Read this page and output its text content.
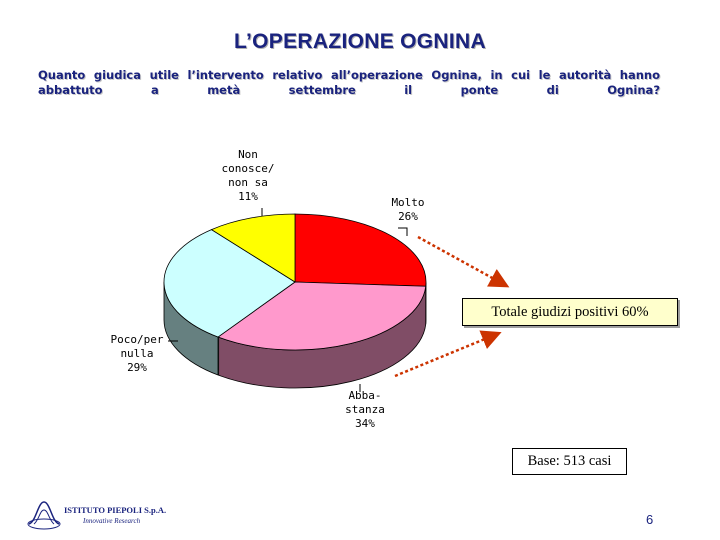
L’OPERAZIONE OGNINA
Quanto giudica utile l’intervento relativo all’operazione Ognina, in cui le autorità hanno abbattuto a metà settembre il ponte di Ognina?
Molto
26%
Abba-
stanza
34%
Poco/per
nulla
29%
Non
conosce/
non sa
11%
Totale giudizi positivi 60%
Base: 513 casi
ISTITUTO PIEPOLI S.p.A.
Innovative Research	6
